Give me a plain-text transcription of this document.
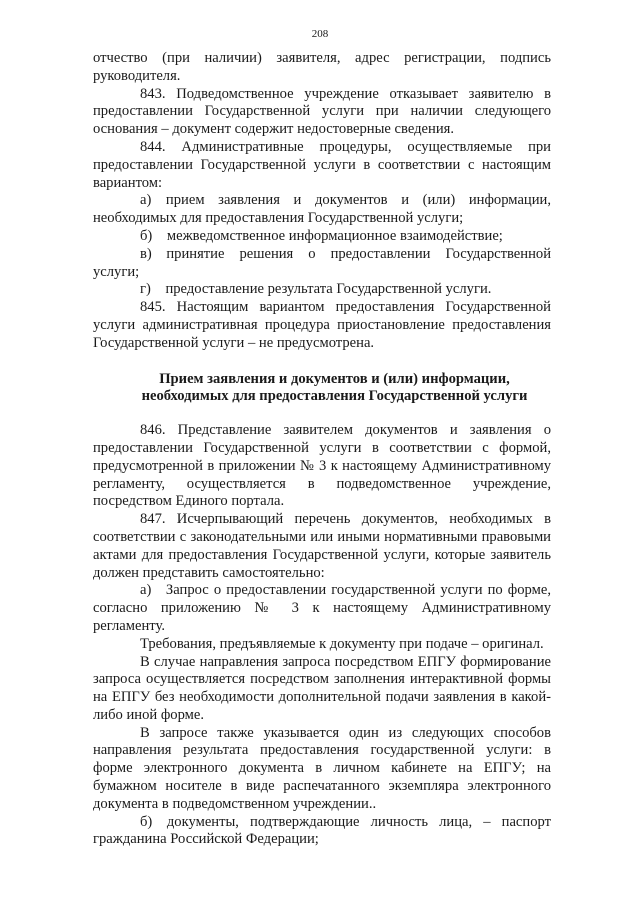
208

отчество (при наличии) заявителя, адрес регистрации, подпись руководителя.

843. Подведомственное учреждение отказывает заявителю в предоставлении Государственной услуги при наличии следующего основания – документ содержит недостоверные сведения.

844. Административные процедуры, осуществляемые при предоставлении Государственной услуги в соответствии с настоящим вариантом:

а) прием заявления и документов и (или) информации, необходимых для предоставления Государственной услуги;

б) межведомственное информационное взаимодействие;

в) принятие решения о предоставлении Государственной услуги;

г) предоставление результата Государственной услуги.

845. Настоящим вариантом предоставления Государственной услуги административная процедура приостановление предоставления Государственной услуги – не предусмотрена.

Прием заявления и документов и (или) информации, необходимых для предоставления Государственной услуги

846. Представление заявителем документов и заявления о предоставлении Государственной услуги в соответствии с формой, предусмотренной в приложении № 3 к настоящему Административному регламенту, осуществляется в подведомственное учреждение, посредством Единого портала.

847. Исчерпывающий перечень документов, необходимых в соответствии с законодательными или иными нормативными правовыми актами для предоставления Государственной услуги, которые заявитель должен представить самостоятельно:

а) Запрос о предоставлении государственной услуги по форме, согласно приложению № 3 к настоящему Административному регламенту.

Требования, предъявляемые к документу при подаче – оригинал.

В случае направления запроса посредством ЕПГУ формирование запроса осуществляется посредством заполнения интерактивной формы на ЕПГУ без необходимости дополнительной подачи заявления в какой-либо иной форме.

В запросе также указывается один из следующих способов направления результата предоставления государственной услуги: в форме электронного документа в личном кабинете на ЕПГУ; на бумажном носителе в виде распечатанного экземпляра электронного документа в подведомственном учреждении..

б) документы, подтверждающие личность лица, – паспорт гражданина Российской Федерации;
